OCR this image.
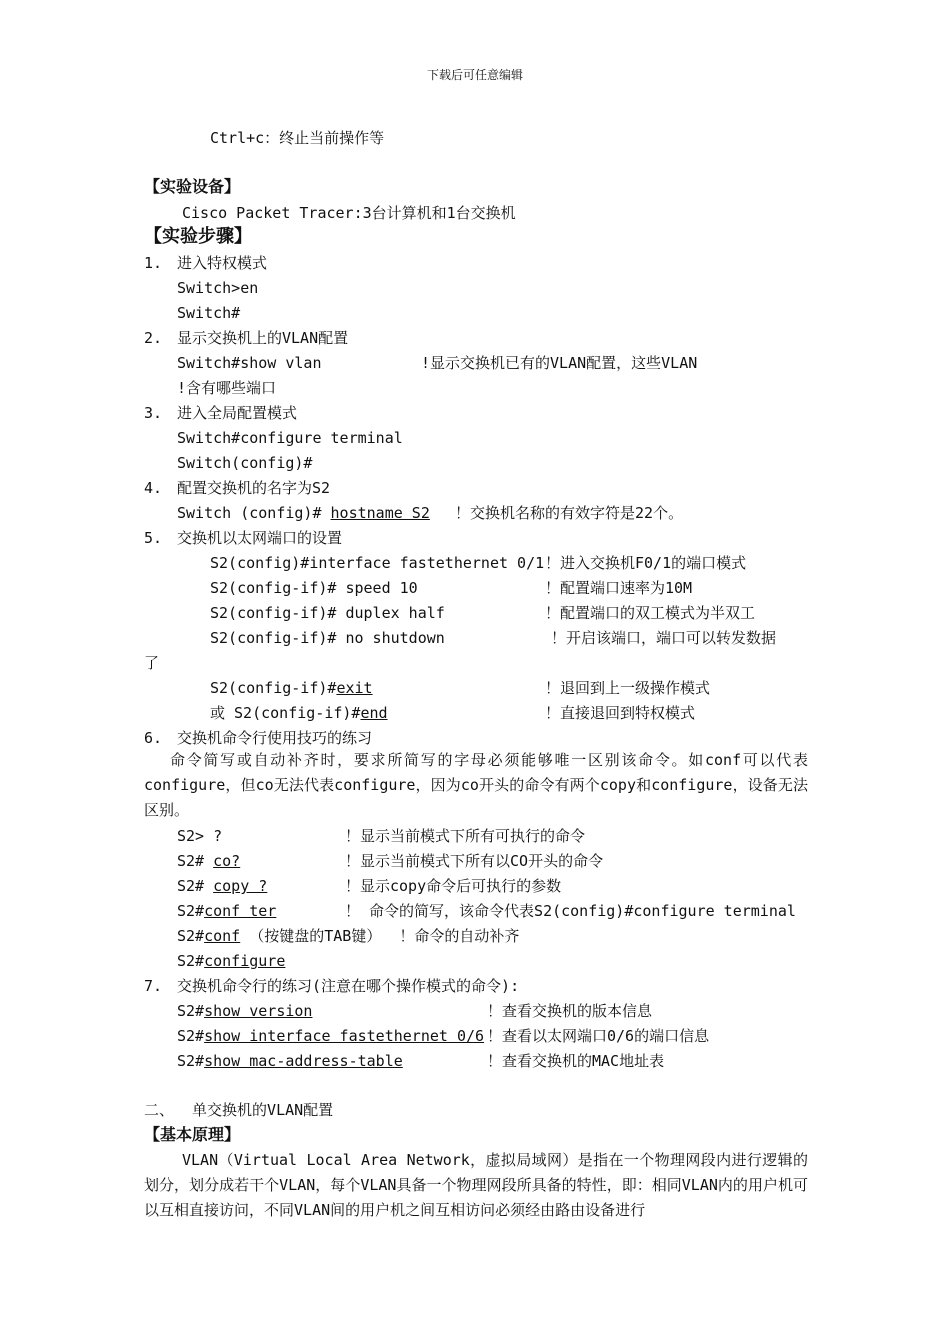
下载后可任意编辑
Ctrl+c：终止当前操作等
【实验设备】
Cisco Packet Tracer:3台计算机和1台交换机
【实验步骤】
1. 进入特权模式
Switch>en
Switch#
2. 显示交换机上的VLAN配置
Switch#show vlan	!显示交换机已有的VLAN配置，这些VLAN
!含有哪些端口
3. 进入全局配置模式
Switch#configure terminal
Switch(config)#
4. 配置交换机的名字为S2
Switch (config)# hostname S2 ！交换机名称的有效字符是22个。
5. 交换机以太网端口的设置
S2(config)#interface fastethernet 0/1 ！进入交换机F0/1的端口模式
S2(config-if)# speed 10	！配置端口速率为10M
S2(config-if)# duplex half	！配置端口的双工模式为半双工
S2(config-if)# no shutdown	！开启该端口，端口可以转发数据
了
S2(config-if)#exit	！退回到上一级操作模式
或 S2(config-if)#end	！直接退回到特权模式
6. 交换机命令行使用技巧的练习
命令简写或自动补齐时，要求所简写的字母必须能够唯一区别该命令。如conf可以代表configure，但co无法代表configure，因为co开头的命令有两个copy和configure，设备无法区别。
S2> ?	！显示当前模式下所有可执行的命令
S2# co?	！显示当前模式下所有以CO开头的命令
S2# copy ?	！显示copy命令后可执行的参数
S2#conf ter	！ 命令的简写，该命令代表S2(config)#configure terminal
S2#conf （按键盘的TAB键）  ！命令的自动补齐
S2#configure
7. 交换机命令行的练习(注意在哪个操作模式的命令):
S2#show version	！查看交换机的版本信息
S2#show interface fastethernet 0/6 ！查看以太网端口0/6的端口信息
S2#show mac-address-table	！查看交换机的MAC地址表
二、  单交换机的VLAN配置
【基本原理】
VLAN（Virtual Local Area Network，虚拟局域网）是指在一个物理网段内进行逻辑的划分，划分成若干个VLAN，每个VLAN具备一个物理网段所具备的特性，即：相同VLAN内的用户机可以互相直接访问，不同VLAN间的用户机之间互相访问必须经由路由设备进行
